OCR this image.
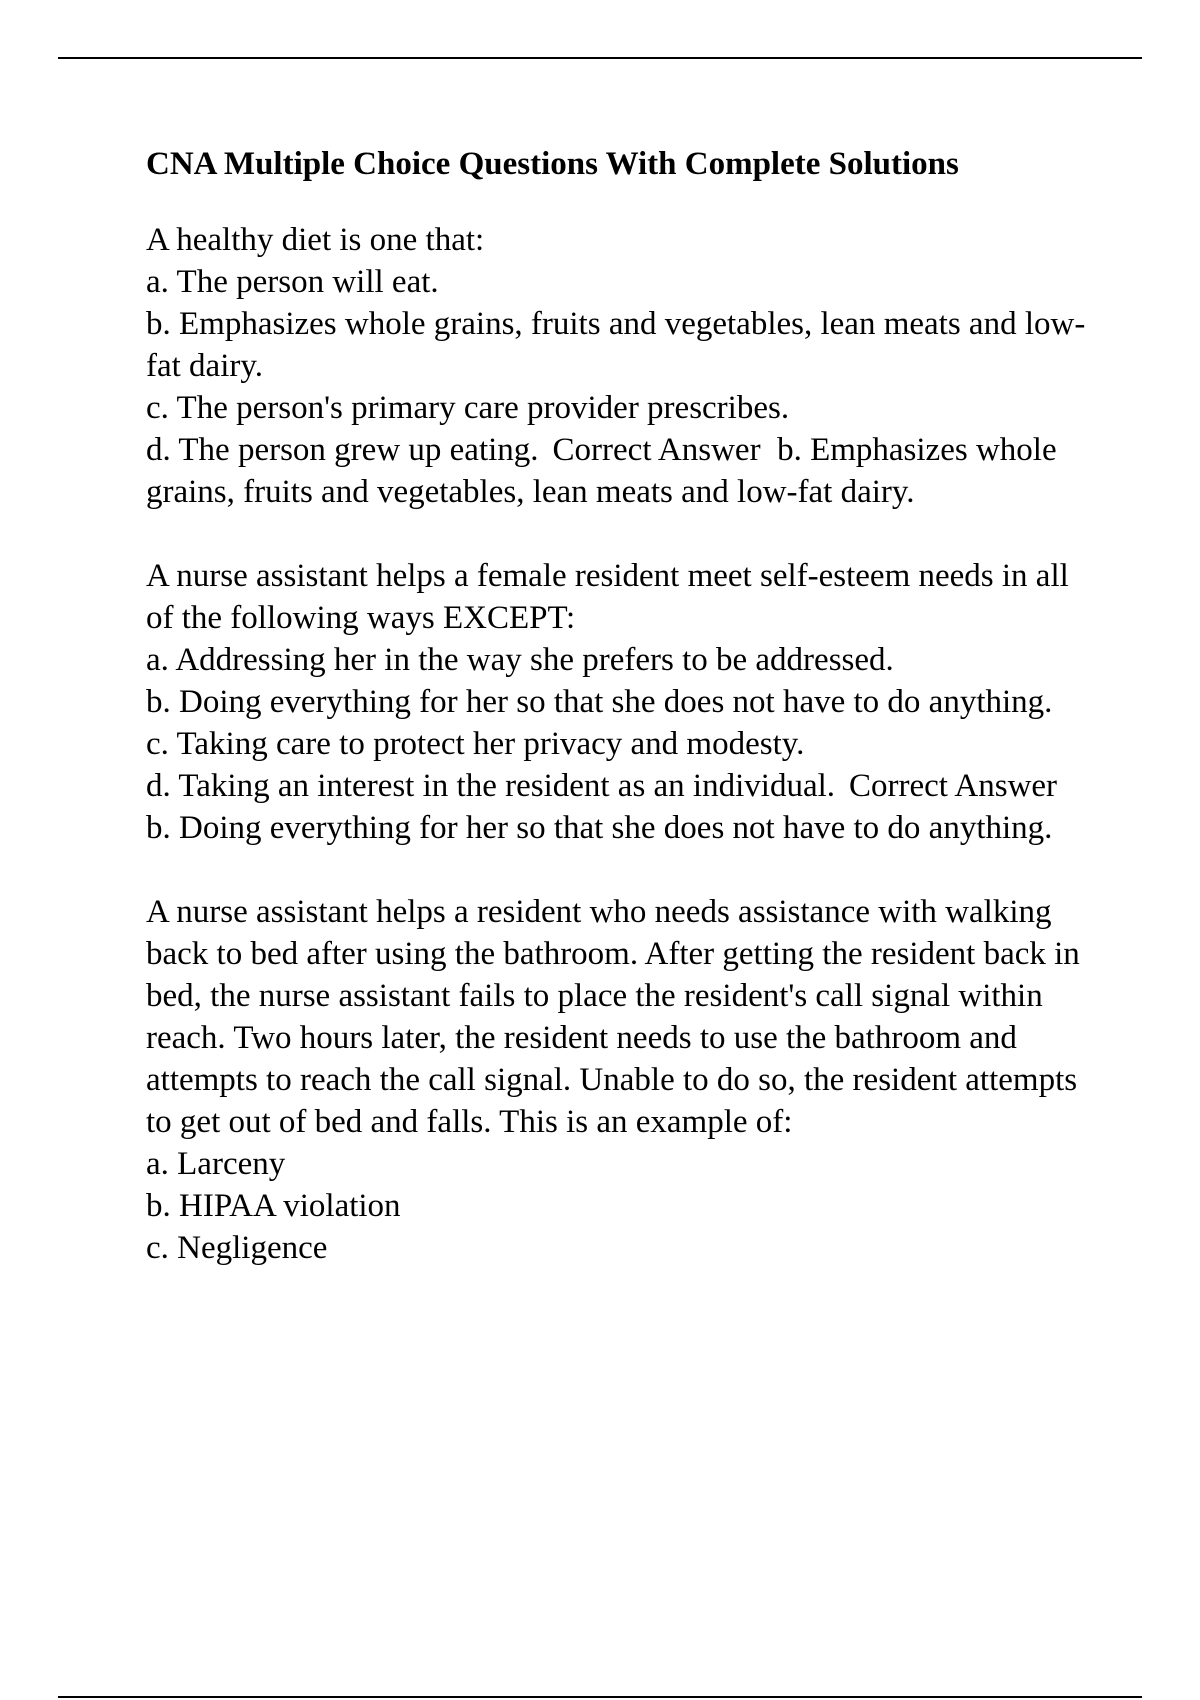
CNA Multiple Choice Questions With Complete Solutions
A healthy diet is one that:
a. The person will eat.
b. Emphasizes whole grains, fruits and vegetables, lean meats and low-fat dairy.
c. The person's primary care provider prescribes.
d. The person grew up eating. Correct Answer b. Emphasizes whole grains, fruits and vegetables, lean meats and low-fat dairy.
A nurse assistant helps a female resident meet self-esteem needs in all of the following ways EXCEPT:
a. Addressing her in the way she prefers to be addressed.
b. Doing everything for her so that she does not have to do anything.
c. Taking care to protect her privacy and modesty.
d. Taking an interest in the resident as an individual. Correct Answer  b. Doing everything for her so that she does not have to do anything.
A nurse assistant helps a resident who needs assistance with walking back to bed after using the bathroom. After getting the resident back in bed, the nurse assistant fails to place the resident's call signal within reach. Two hours later, the resident needs to use the bathroom and attempts to reach the call signal. Unable to do so, the resident attempts to get out of bed and falls. This is an example of:
a. Larceny
b. HIPAA violation
c. Negligence
